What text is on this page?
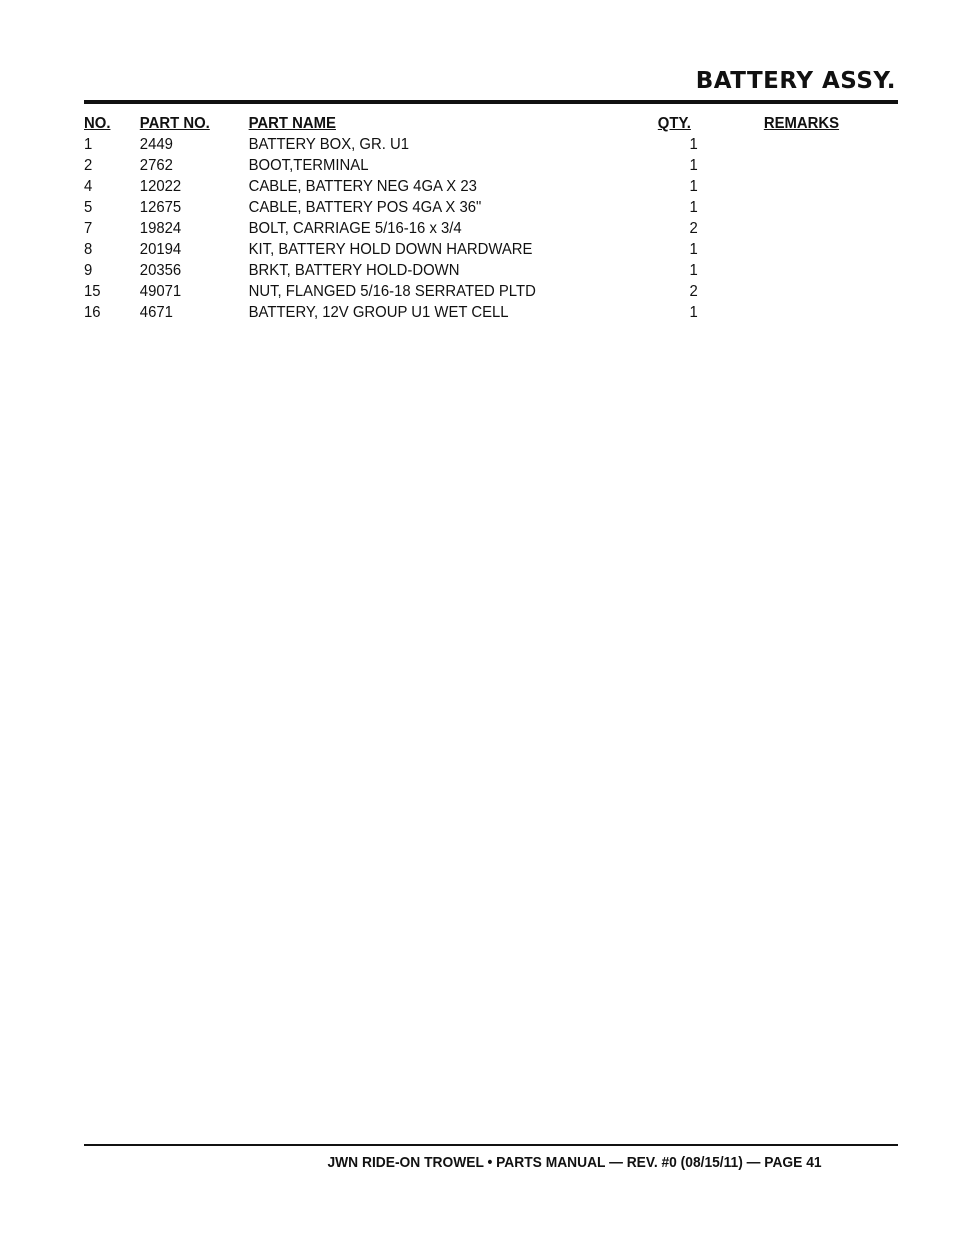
BATTERY ASSY.
NO.	PART NO.	PART NAME	QTY.	REMARKS
1	2449	BATTERY BOX, GR. U1	1	
2	2762	BOOT,TERMINAL	1	
4	12022	CABLE, BATTERY NEG 4GA X 23	1	
5	12675	CABLE, BATTERY POS 4GA X 36"	1	
7	19824	BOLT, CARRIAGE 5/16-16 x 3/4	2	
8	20194	KIT, BATTERY HOLD DOWN HARDWARE	1	
9	20356	BRKT, BATTERY HOLD-DOWN	1	
15	49071	NUT, FLANGED 5/16-18 SERRATED PLTD	2	
16	4671	BATTERY, 12V GROUP U1 WET CELL	1	

JWN RIDE-ON TROWEL • PARTS MANUAL — REV. #0 (08/15/11) — PAGE 41
